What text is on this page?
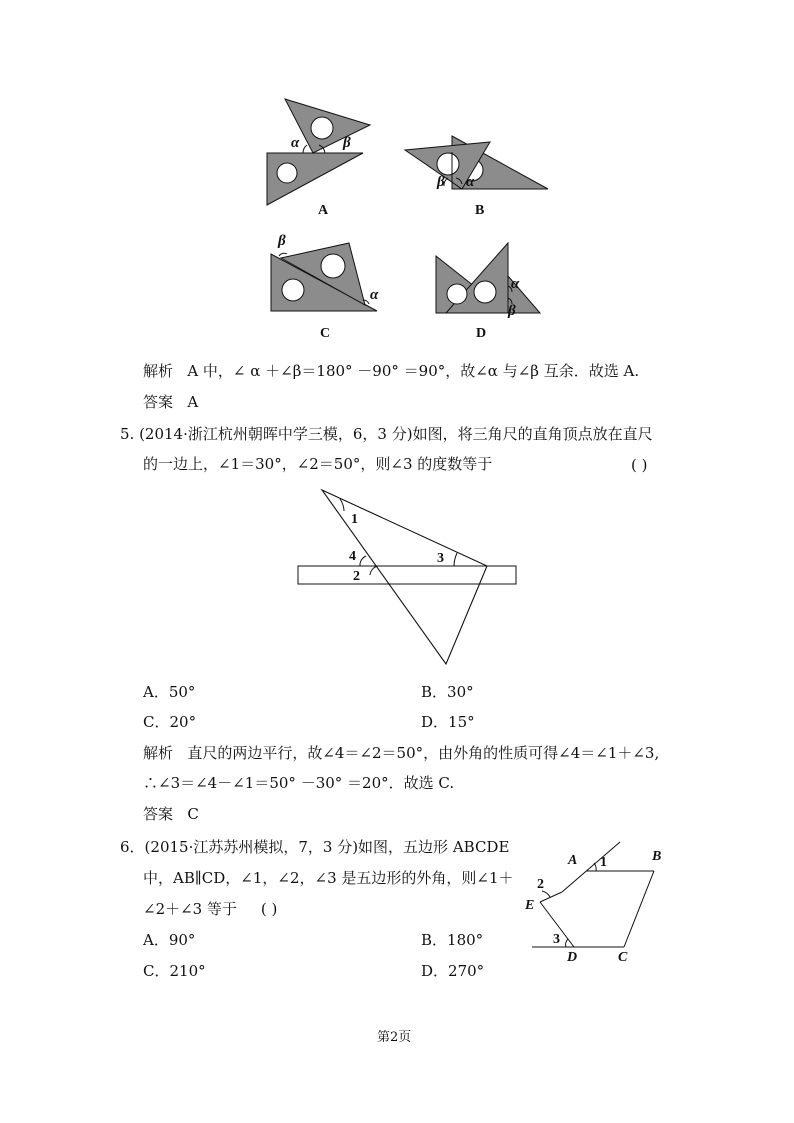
α	β
A
β α
B
β
α
C
α
β
D
解析 A 中，∠ α ＋∠β＝180° －90° ＝90°，故∠α 与∠β 互余．故选 A.
答案 A
5. (2014·浙江杭州朝晖中学三模，6，3 分)如图，将三角尺的直角顶点放在直尺
的一边上，∠1＝30°，∠2＝50°，则∠3 的度数等于	( )
1
2
3
4
A．50°	B．30°
C．20°	D．15°
解析 直尺的两边平行，故∠4＝∠2＝50°，由外角的性质可得∠4＝∠1＋∠3,
∴∠3＝∠4－∠1＝50° －30° ＝20°．故选 C.
答案 C
6．(2015·江苏苏州模拟，7，3 分)如图，五边形 ABCDE
中，AB∥CD，∠1，∠2，∠3 是五边形的外角，则∠1＋
∠2＋∠3 等于 ( )
A	B
C
D
E
1
2
3
A．90°	B．180°
C．210°	D．270°
第2页
